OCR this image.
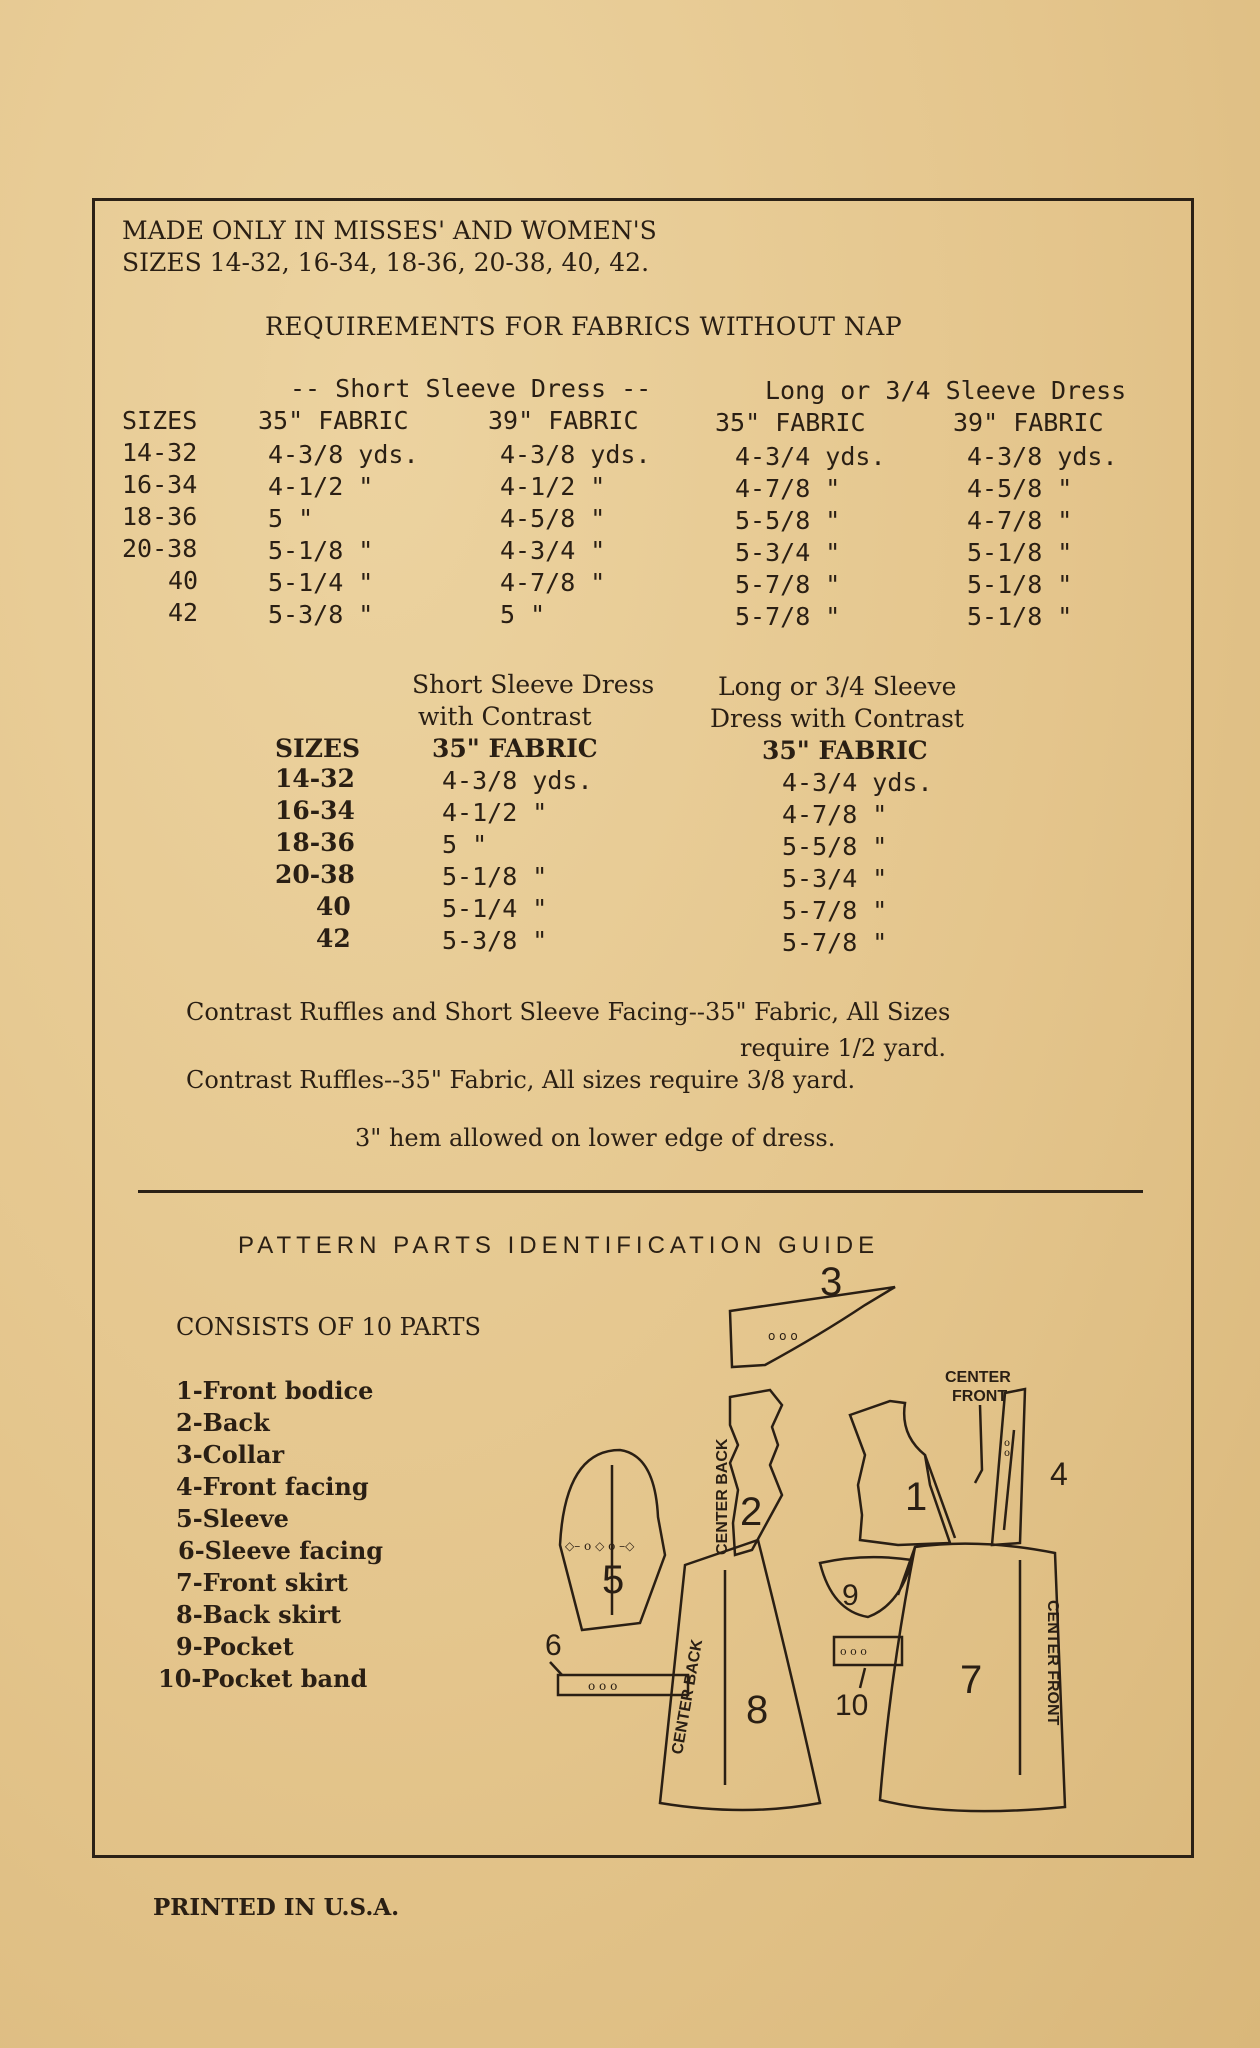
MADE ONLY IN MISSES' AND WOMEN'S
SIZES 14-32, 16-34, 18-36, 20-38, 40, 42.
REQUIREMENTS FOR FABRICS WITHOUT NAP
-- Short Sleeve Dress --	Long or 3/4 Sleeve Dress
SIZES 35" FABRIC	39" FABRIC	35" FABRIC	39" FABRIC
14-32	4-3/8 yds.	4-3/8 yds.	4-3/4 yds.	4-3/8 yds.
16-34	4-1/2 "	4-1/2 "	4-7/8 "	4-5/8 "
18-36	5 "	4-5/8 "	5-5/8 "	4-7/8 "
20-38	5-1/8 "	4-3/4 "	5-3/4 "	5-1/8 "
40	5-1/4 "	4-7/8 "	5-7/8 "	5-1/8 "
42	5-3/8 "	5 "	5-7/8 "	5-1/8 "
Short Sleeve Dress
with Contrast
Long or 3/4 Sleeve
Dress with Contrast
SIZES	35" FABRIC	35" FABRIC
14-32	4-3/8 yds.	4-3/4 yds.
16-34	4-1/2 "	4-7/8 "
18-36	5 "	5-5/8 "
20-38	5-1/8 "	5-3/4 "
40	5-1/4 "	5-7/8 "
42	5-3/8 "	5-7/8 "
Contrast Ruffles and Short Sleeve Facing--35" Fabric, All Sizes
require 1/2 yard.
Contrast Ruffles--35" Fabric, All sizes require 3/8 yard.
3" hem allowed on lower edge of dress.
PATTERN PARTS IDENTIFICATION GUIDE
CONSISTS OF 10 PARTS
1-Front bodice
2-Back
3-Collar
4-Front facing
5-Sleeve
6-Sleeve facing
7-Front skirt
8-Back skirt
9-Pocket
10-Pocket band
3
o o o
1
CENTER
FRONT
o
o
4
2
CENTER BACK
5
◇– o ◇ o –◇
o o o
6
8
CENTER BACK
9
o o o
10
7	CENTER FRONT
PRINTED IN U.S.A.
